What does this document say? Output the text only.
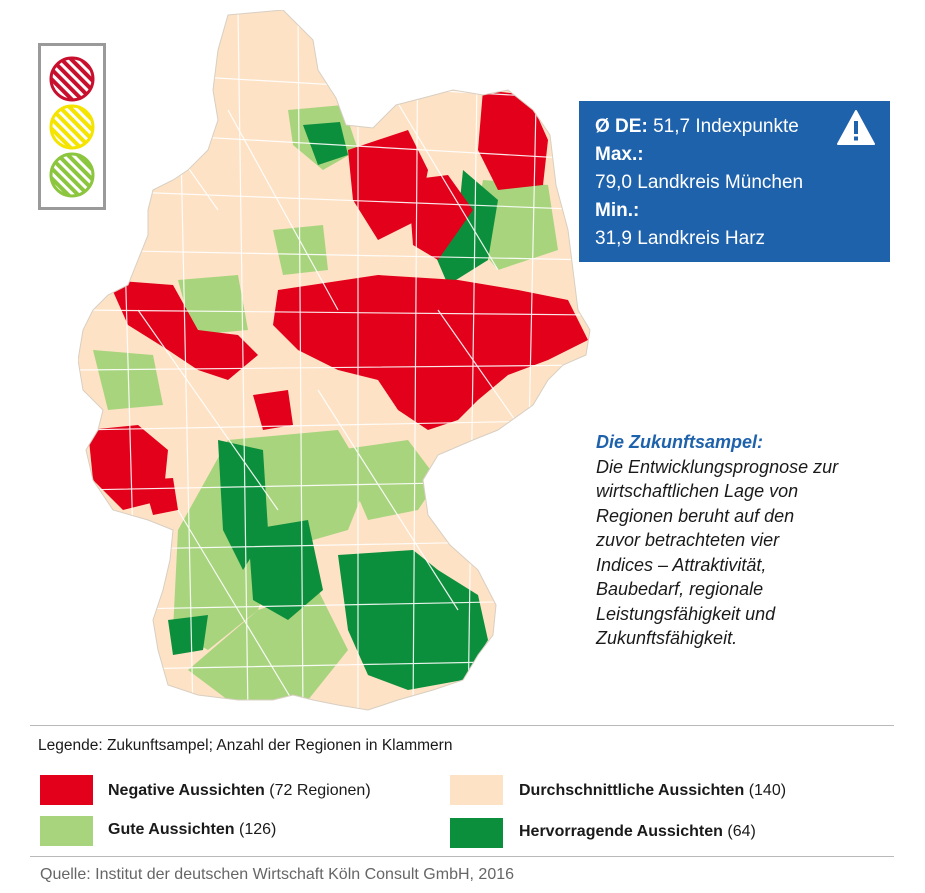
Ø DE: 51,7 Indexpunkte
Max.:
79,0 Landkreis München
Min.:
31,9 Landkreis Harz
Die Zukunftsampel:
Die Entwicklungsprognose zur
wirtschaftlichen Lage von
Regionen beruht auf den
zuvor betrachteten vier
Indices – Attraktivität,
Baubedarf, regionale
Leistungsfähigkeit und
Zukunftsfähigkeit.
Legende: Zukunftsampel; Anzahl der Regionen in Klammern
Negative Aussichten (72 Regionen)
Gute Aussichten (126)
Durchschnittliche Aussichten (140)
Hervorragende Aussichten (64)
Quelle: Institut der deutschen Wirtschaft Köln Consult GmbH, 2016
